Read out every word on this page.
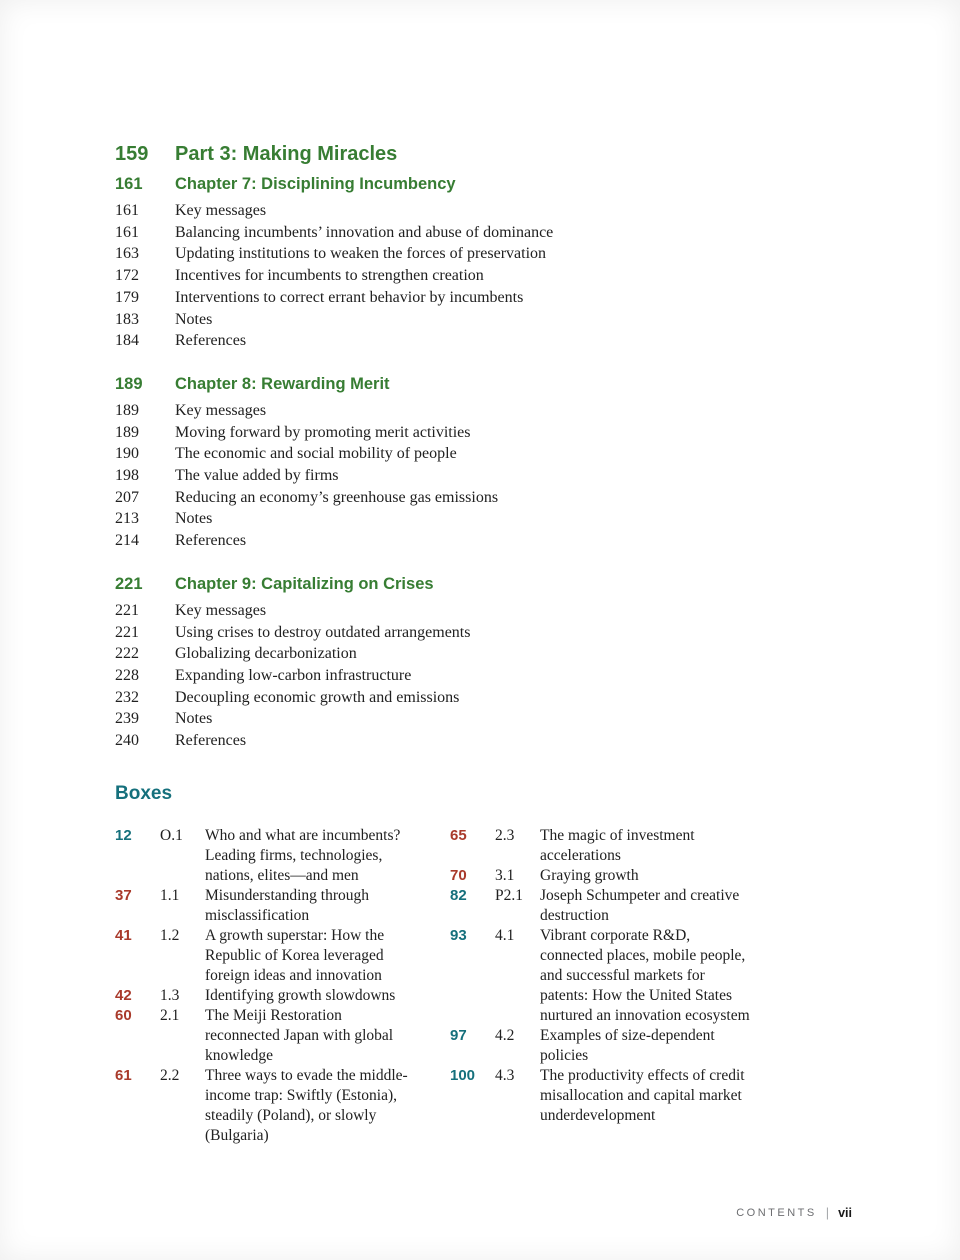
159	Part 3: Making Miracles
161	Chapter 7: Disciplining Incumbency
161	Key messages
161	Balancing incumbents’ innovation and abuse of dominance
163	Updating institutions to weaken the forces of preservation
172	Incentives for incumbents to strengthen creation
179	Interventions to correct errant behavior by incumbents
183	Notes
184	References
189	Chapter 8: Rewarding Merit
189	Key messages
189	Moving forward by promoting merit activities
190	The economic and social mobility of people
198	The value added by firms
207	Reducing an economy’s greenhouse gas emissions
213	Notes
214	References
221	Chapter 9: Capitalizing on Crises
221	Key messages
221	Using crises to destroy outdated arrangements
222	Globalizing decarbonization
228	Expanding low-carbon infrastructure
232	Decoupling economic growth and emissions
239	Notes
240	References
Boxes
12	O.1	Who and what are incumbents? Leading firms, technologies, nations, elites—and men
37	1.1	Misunderstanding through misclassification
41	1.2	A growth superstar: How the Republic of Korea leveraged foreign ideas and innovation
42	1.3	Identifying growth slowdowns
60	2.1	The Meiji Restoration reconnected Japan with global knowledge
61	2.2	Three ways to evade the middle-income trap: Swiftly (Estonia), steadily (Poland), or slowly (Bulgaria)
65	2.3	The magic of investment accelerations
70	3.1	Graying growth
82	P2.1	Joseph Schumpeter and creative destruction
93	4.1	Vibrant corporate R&D, connected places, mobile people, and successful markets for patents: How the United States nurtured an innovation ecosystem
97	4.2	Examples of size-dependent policies
100	4.3	The productivity effects of credit misallocation and capital market underdevelopment
CONTENTS | vii
